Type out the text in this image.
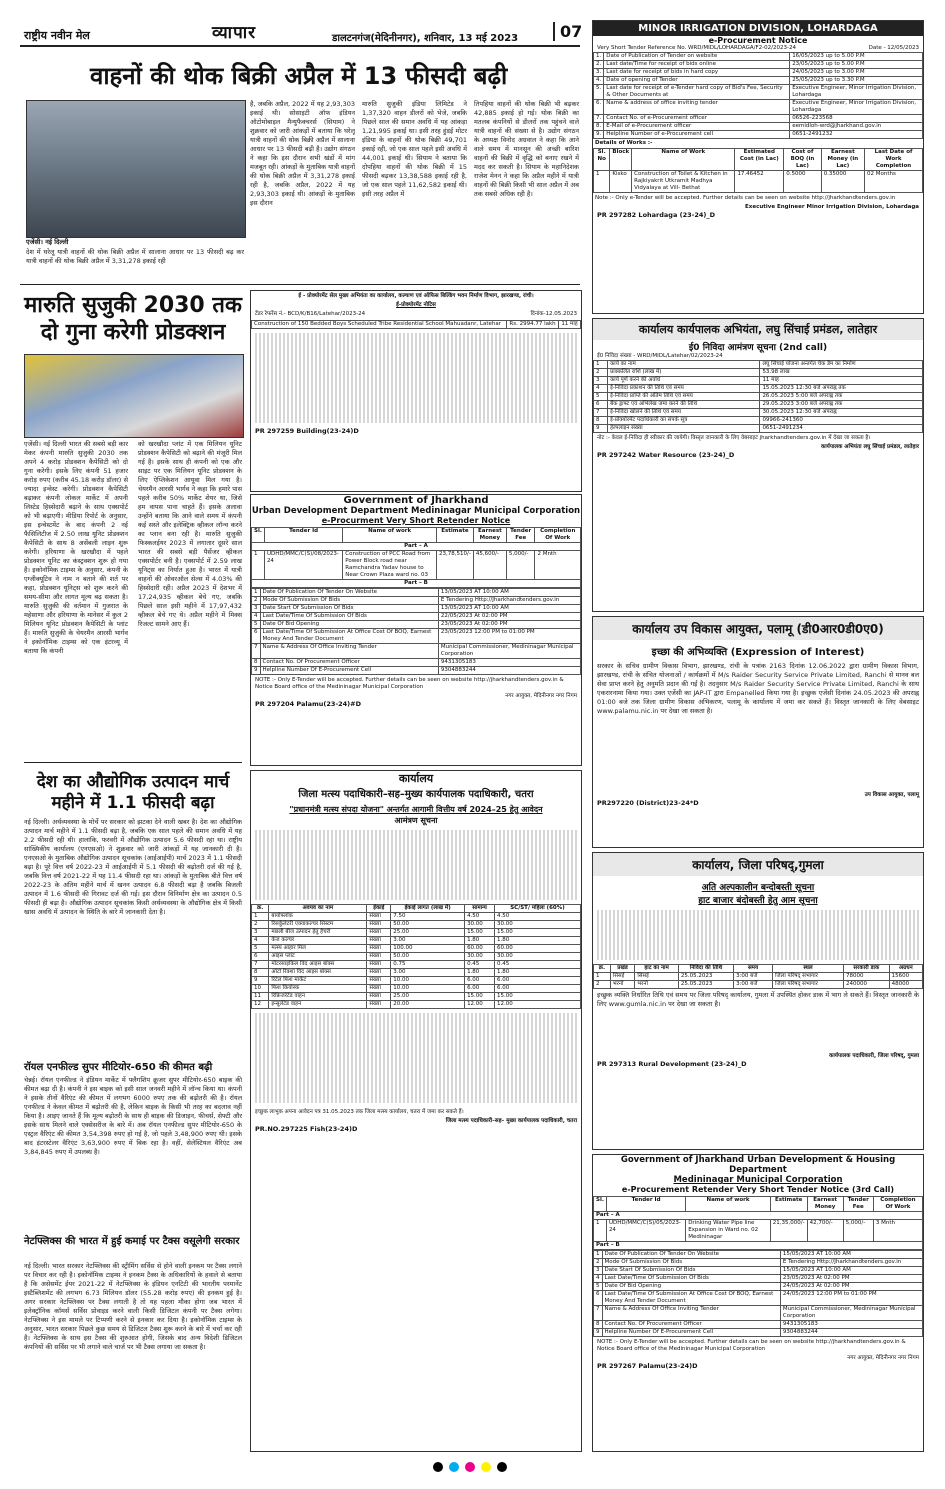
राष्ट्रीय नवीन मेल	व्यापार	डालटनगंज(मेदिनीनगर), शनिवार, 13 मई 2023	07
वाहनों की थोक बिक्री अप्रैल में 13 फीसदी बढ़ी
एजेंसी। नई दिल्ली
देश में घरेलू यात्री वाहनों की थोक बिक्री अप्रैल में सालाना आधार पर 13 फीसदी बढ़ कर यात्री वाहनों की थोक बिक्री अप्रैल में 3,31,278 इकाई रही
है, जबकि अप्रैल, 2022 में यह 2,93,303 इकाई थी। सोसाइटी ऑफ इंडियन ऑटोमोबाइल मैन्युफैक्चरर्स (सियाम) ने शुक्रवार को जारी आंकड़ों में बताया कि घरेलू यात्री वाहनों की थोक बिक्री अप्रैल में सालाना आधार पर 13 फीसदी बढ़ी है। उद्योग संगठन ने कहा कि इस दौरान सभी खंडों में मांग मजबूत रही। आंकड़ों के मुताबिक यात्री वाहनों की थोक बिक्री अप्रैल में 3,31,278 इकाई रही है, जबकि अप्रैल, 2022 में यह 2,93,303 इकाई थी। आंकड़ों के मुताबिक इस दौरान
मारुति सुजुकी इंडिया लिमिटेड ने 1,37,320 वाहन डीलरों को भेजे, जबकि पिछले साल की समान अवधि में यह आंकड़ा 1,21,995 इकाई था। इसी तरह हुंडई मोटर इंडिया के वाहनों की थोक बिक्री 49,701 इकाई रही, जो एक साल पहले इसी अवधि में 44,001 इकाई थी। सियाम ने बताया कि दोपहिया वाहनों की थोक बिक्री में 15 फीसदी बढ़कर 13,38,588 इकाई रही है, जो एक साल पहले 11,62,582 इकाई थी। इसी तरह अप्रैल में
तिपहिया वाहनों की थोक बिक्री भी बढ़कर 42,885 इकाई हो गई। थोक बिक्री का मतलब कंपनियों से डीलरों तक पहुंचने वाले यात्री वाहनों की संख्या से है। उद्योग संगठन के अध्यक्ष विनोद अग्रवाल ने कहा कि आने वाले समय में मानसून की अच्छी बारिश वाहनों की बिक्री में वृद्धि को बनाए रखने में मदद कर सकती है। सियाम के महानिदेशक राजेश मेनन ने कहा कि अप्रैल महीने में यात्री वाहनों की बिक्री किसी भी साल अप्रैल में अब तक सबसे अधिक रही है।
मारुति सुजुकी 2030 तक दो गुना करेगी प्रोडक्शन
एजेंसी। नई दिल्ली भारत की सबसे बड़ी कार मेकर कंपनी मारुति सुजुकी 2030 तक अपने 4 करोड़ प्रोडक्शन कैपेसिटी को दो गुना करेगी। इसके लिए कंपनी 51 हजार करोड़ रुपए (करीब 45.18 करोड़ डॉलर) से ज्यादा इन्वेस्ट करेगी। प्रोडक्शन कैपेसिटी बढ़ाकर कंपनी लोकल मार्केट में अपनी लिस्टेड हिस्सेदारी बढ़ाने के साथ एक्सपोर्ट को भी बढ़ाएगी। मीडिया रिपोर्ट के अनुसार, इस इन्वेस्टमेंट के बाद कंपनी 2 नई फैसिलिटीज में 2.50 लाख यूनिट प्रोडक्शन कैपेसिटी के साथ 8 असेंबली लाइन शुरू करेगी। हरियाणा के खरखौदा में पहले प्रोडक्शन यूनिट का कंस्ट्रक्शन शुरू हो गया है। इकोनॉमिक टाइम्स के अनुसार, कंपनी के एग्जीक्यूटिव ने नाम न बताने की शर्त पर कहा, प्रोडक्शन यूनिट्स को शुरू करने की समय-सीमा और लागत मूल्य बढ़ सकता है। मारुति सुजुकी की वर्तमान में गुजरात के महेसाणा और हरियाणा के मानेसर में कुल 2 मिलियन यूनिट प्रोडक्शन कैपेसिटी के प्लांट हैं। मारुति सुजुकी के चेयरमैन आरसी भार्गव ने इकोनॉमिक टाइम्स को एक इंटरव्यू में बताया कि कंपनी
को खरखौदा प्लांट में एक मिलियन यूनिट प्रोडक्शन कैपेसिटी को बढ़ाने की मंजूरी मिल गई है। इसके साथ ही कंपनी को एक और साइट पर एक मिलियन यूनिट प्रोडक्शन के लिए ऐप्लिकेशन आयूवा मिल गया है। चेयरमैन आरसी भार्गव ने कहा कि हमारे पास पहले करीब 50% मार्केट शेयर था, जिसे हम वापस पाना चाहते हैं। इसके अलावा उन्होंने बताया कि आने वाले समय में कंपनी कई सस्ते और इलेक्ट्रिक व्हीकल लॉन्च करने का प्लान बना रही है। मारुति सुजुकी फिस्कलईयर 2023 में लगातार दूसरे साल भारत की सबसे बड़ी पैसेंजर व्हीकल एक्सपोर्टर बनी है। एक्सपोर्ट में 2.59 लाख यूनिट्स का निर्यात हुआ है। भारत में यात्री वाहनों की ओवरऑल सेल्स में 4.03% की हिस्सेदारी रही। अप्रैल 2023 में देशभर में 17,24,935 व्हीकल बेचे गए, जबकि पिछले साल इसी महीने में 17,97,432 व्हीकल बेचे गए थे। अप्रैल महीने में मिक्स रिजल्ट सामने आए हैं।
देश का औद्योगिक उत्पादन मार्च महीने में 1.1 फीसदी बढ़ा
नई दिल्ली। अर्थव्यवस्था के मोर्चे पर सरकार को झटका देने वाली खबर है। देश का औद्योगिक उत्पादन मार्च महीने में 1.1 फीसदी बढ़ा है, जबकि एक साल पहले की समान अवधि में यह 2.2 फीसदी रही थी। हालांकि, फरवरी में औद्योगिक उत्पादन 5.6 फीसदी रहा था। राष्ट्रीय सांख्यिकीय कार्यालय (एनएसओ) ने शुक्रवार को जारी आंकड़ों में यह जानकारी दी है। एनएसओ के मुताबिक औद्योगिक उत्पादन सूचकांक (आईआईपी) मार्च 2023 में 1.1 फीसदी बढ़ा है। पूरे वित्त वर्ष 2022-23 में आईआईपी में 5.1 फीसदी की बढ़ोतरी दर्ज की गई है, जबकि वित्त वर्ष 2021-22 में यह 11.4 फीसदी रहा था। आंकड़ों के मुताबिक बीते वित्त वर्ष 2022-23 के अंतिम महीने मार्च में खनन उत्पादन 6.8 फीसदी बढ़ा है जबकि बिजली उत्पादन में 1.6 फीसदी की गिरावट दर्ज की गई। इस दौरान विनिर्माण क्षेत्र का उत्पादन 0.5 फीसदी ही बढ़ा है। औद्योगिक उत्पादन सूचकांक किसी अर्थव्यवस्था के औद्योगिक क्षेत्र में किसी खास अवधि में उत्पादन के स्थिति के बारे में जानकारी देता है।
रॉयल एनफील्ड सुपर मीटियोर-650 की कीमत बढ़ी
चेन्नई। रॉयल एनफील्ड ने इंडियन मार्केट में फ्लैगशिप क्रूजर सुपर मीटियोर-650 बाइक की कीमत बढ़ा दी है। कंपनी ने इस बाइक को इसी साल जनवरी महीने में लॉन्च किया था। कंपनी ने इसके तीनों वैरिएंट की कीमत में लगभग 6000 रुपए तक की बढ़ोतरी की है। रॉयल एनफील्ड ने केवल कीमत में बढ़ोतरी की है, लेकिन बाइक के किसी भी तरह का बदलाव नहीं किया है। आइए जानते हैं कि मूल्य बढ़ोतरी के साथ ही बाइक की डिजाइन, फीचर्स, सेफ्टी और इसके साथ मिलने वाले एक्सेसरीज के बारे में। अब रॉयल एनफील्ड सुपर मीटियोर-650 के एस्ट्रल वैरिएंट की कीमत 3,54,398 रुपए हो गई है, जो पहले 3,48,900 रुपए थी। इसके बाद इंटरस्टेलर वैरिएंट 3,63,900 रुपए में बिक रहा है। वहीं, सेलेस्टियल वैरिएंट अब 3,84,845 रुपए में उपलब्ध है।
नेटफ्लिक्स की भारत में हुई कमाई पर टैक्स वसूलेगी सरकार
नई दिल्ली। भारत सरकार नेटफ्लिक्स की स्ट्रीमिंग सर्विस से होने वाली इनकम पर टैक्स लगाने पर विचार कर रही है। इकोनॉमिक टाइम्स ने इनकम टैक्स के अधिकारियों के हवाले से बताया है कि असेसमेंट ईयर 2021-22 में नेटफ्लिक्स के इंडियन एनटिटी की भारतीय परमानेंट इस्टैब्लिशमेंट की लगभग 6.73 मिलियन डॉलर (55.28 करोड़ रुपए) की इनकम हुई है। अगर सरकार नेटफ्लिक्स पर टैक्स लगाती है तो यह पहला मौका होगा जब भारत में इलेक्ट्रॉनिक कॉमर्स सर्विस प्रोवाइड करने वाली किसी डिजिटल कंपनी पर टैक्स लगेगा। नेटफ्लिक्स ने इस मामले पर टिप्पणी करने से इनकार कर दिया है। इकोनॉमिक टाइम्स के अनुसार, भारत सरकार पिछले कुछ समय से डिजिटल टैक्स शुरू करने के बारे में चर्चा कर रही है। नेटफ्लिक्स के साथ इस टैक्स की शुरुआत होगी, जिसके बाद अन्य विदेशी डिजिटल कंपनियों की सर्विस पर भी लगाने वाले चार्ज पर भी टैक्स लगाया जा सकता है।
ई - प्रोक्योरमेंट सेल मुख्य अभियंता का कार्यालय, कल्याण एवं ऑफिस बिल्डिंग भवन निर्माण विभाग, झारखण्ड, रांची।
ई-प्रोक्योरमेंट नोटिस
टेंडर रेफरेंस नं.- BCD/K/B16/Latehar/2023-24	दिनांक-12.05.2023
Construction of 150 Bedded Boys Scheduled Tribe Residential School Mahuadanr, Latehar	Rs. 2994.77 lakh	11 माह
PR 297259 Building(23-24)D
Government of Jharkhand
Urban Development Department Medininagar Municipal Corporation
e-Procurment Very Short Retender Notice
Sl.	Tender Id	Name of work	Estimate	Earnest Money	Tender Fee	Completion Of Work
Part – A						
1	UDHD/MMC/C(S)/08/2023-24	Construction of PCC Road from Power Block road near Ramchandra Yadav house to Near Crown Plaza ward no. 03	23,78,510/-	45,600/-	5,000/-	2 Mnth
Part – B						
1	Date Of Publication Of Tender On Website	13/05/2023 AT 10:00 AM
2	Mode Of Submission Of Bids	E Tendering Http://Jharkhandtenders.gov.in
3	Date Start Of Submission Of Bids	13/05/2023 AT 10:00 AM
4	Last Date/Time Of Submission Of Bids	22/05/2023 At 02:00 PM
5	Date Of Bid Opening	23/05/2023 At 02:00 PM
6	Last Date/Time Of Submission At Office Cost Of BOQ, Earnest Money And Tender Document	23/05/2023 12:00 PM to 01:00 PM
7	Name & Address Of Office Inviting Tender	Municipal Commissioner, Medininagar Municipal Corporation
8	Contact No. Of Procurement Officer	9431305183
9	Helpline Number Of E-Procurement Cell	9304883244
NOTE :- Only E-Tender will be accepted. Further details can be seen on website http://jharkhandtenders.gov.in & Notice Board office of the Medininagar Municipal Corporation
नगर आयुक्त, मेदिनीनगर नगर निगम
PR 297204 Palamu(23-24)#D
कार्यालय
जिला मत्स्य पदाधिकारी–सह–मुख्य कार्यपालक पदाधिकारी, चतरा
"प्रधानमंत्री मत्स्य संपदा योजना" अन्तर्गत आगामी वित्तीय वर्ष 2024–25 हेतु आवेदन
आमंत्रण सूचना
क्र.	अवयव का नाम	ईकाई	ईकाई लागत (लाख में)	सामान्य	SC/ST/ महिला (60%)
1	बायोफ्लॉक	संख्या	7.50	4.50	4.50
2	रिसर्कुलेटरी एक्वाकल्चर सिस्टम	संख्या	50.00	30.00	30.00
3	मछली बीज उत्पादन हेतु हैचरी	संख्या	25.00	15.00	15.00
4	केज कल्चर	संख्या	3.00	1.80	1.80
5	मत्स्य आहार मिल	संख्या	100.00	60.00	60.00
6	आइस प्लांट	संख्या	50.00	30.00	30.00
7	मोटरसाइकिल विद आइस बॉक्स	संख्या	0.75	0.45	0.45
8	ऑटो रिक्शा विद आइस बॉक्स	संख्या	3.00	1.80	1.80
9	रिटेल फिश मार्केट	संख्या	10.00	6.00	6.00
10	फिश कियोस्क	संख्या	10.00	6.00	6.00
11	रिफ्रिजरेटेड वाहन	संख्या	25.00	15.00	15.00
12	इन्सुलेटेड वाहन	संख्या	20.00	12.00	12.00
इच्छुक लाभुक अपना आवेदन पत्र 31.05.2023 तक जिला मत्स्य कार्यालय, चतरा में जमा कर सकते हैं।
जिला मत्स्य पदाधिकारी–सह– मुख्य कार्यपालक पदाधिकारी, चतरा
PR.NO.297225 Fish(23-24)D
MINOR IRRIGATION DIVISION, LOHARDAGA
e-Procurement Notice
Very Short Tender Reference No. WRD/MIDL/LOHARDAGA/F2-02/2023-24	Date - 12/05/2023
1.	Date of Publication of Tender on website	16/05/2023 up to 5.00 P.M
2.	Last date/Time for receipt of bids online	23/05/2023 up to 5.00 P.M
3.	Last date for receipt of bids in hard copy	24/05/2023 up to 3.00 P.M
4.	Date of opening of Tender	25/05/2023 up to 3.30 P.M
5.	Last date for receipt of e-Tender hard copy of Bid's Fee, Security & Other Documents at	Executive Engineer, Minor Irrigation Division, Lohardaga
6.	Name & address of office inviting tender	Executive Engineer, Minor Irrigation Division, Lohardaga
7.	Contact No. of e-Procurement officer	06526-223568
8.	E-Mail of e-Procurement officer	eemidloh-wrd@jharkhand.gov.in
9.	Helpline Number of e-Procurement cell	0651-2491232
Details of Works :-
Sl. No	Block	Name of Work	Estimated Cost (in Lac)	Cost of BOQ (in Lac)	Earnest Money (in Lac)	Last Date of Work Completion
1	Kisko	Construction of Toilet & Kitchen in Rajkiyakrit Utkramit Madhya Vidyalaya at Vill- Bethat	17.46452	0.5000	0.35000	02 Months
Note :- Only e-Tender will be accepted. Further details can be seen on website http://jharkhandtenders.gov.in
Executive Engineer Minor Irrigation Division, Lohardaga
PR 297282 Lohardaga (23-24)_D
कार्यालय कार्यपालक अभियंता, लघु सिंचाई प्रमंडल, लातेहार
ई0 निविदा आमंत्रण सूचना (2nd call)
ई0 निविदा संख्या - WRD/MIDL/Latehar/02/2023-24
1	कार्य का नाम	लघु सिंचाई योजना अन्तर्गत चेक डैम का निर्माण
2	प्राक्कलित राशि (लाख में)	53.98 लाख
3	कार्य पूर्ण करने की अवधि	11 माह
4	ई-निविदा प्रकाशन की तिथि एवं समय	15.05.2023 12:30 बजे अपराह्न तक
5	ई-निविदा प्राप्ति की अंतिम तिथि एवं समय	26.05.2023 5:00 बजे अपराह्न तक
6	बैंक ड्राफ्ट एवं अभिलेख जमा करने की तिथि	29.05.2023 3:00 बजे अपराह्न तक
7	ई-निविदा खोलने की तिथि एवं समय	30.05.2023 12:30 बजे अपराह्न
8	ई-प्रोक्योरमेंट पदाधिकारी का संपर्क सूत्र	09966-241360
9	हेल्पलाइन संख्या	0651-2491234
नोट :- केवल ई-निविदा ही स्वीकार की जायेगी। विस्तृत जानकारी के लिए वेबसाइट jharkhandtenders.gov.in में देखा जा सकता है।
कार्यपालक अभियंता लघु सिंचाई प्रमंडल, लातेहार
PR 297242 Water Resource (23-24)_D
कार्यालय उप विकास आयुक्त, पलामू (डी0आर0डी0ए0)
इच्छा की अभिव्यक्ति (Expression of Interest)
सरकार के सचिव ग्रामीण विकास विभाग, झारखण्ड, रांची के पत्रांक 2163 दिनांक 12.06.2022 द्वारा ग्रामीण विकास विभाग, झारखण्ड, रांची के संचित योजनाओं / कार्यक्रमों में M/s Raider Security Service Private Limited, Ranchi से मानव बल सेवा प्राप्त करने हेतु अनुमति प्रदान की गई है। तदनुसार M/s Raider Security Service Private Limited, Ranchi के साथ एकरारनामा किया गया। उक्त एजेंसी का JAP-IT द्वारा Empanelled किया गया है। इच्छुक एजेंसी दिनांक 24.05.2023 की अपराह्न 01:00 बजे तक जिला ग्रामीण विकास अभिकरण, पलामू के कार्यालय में जमा कर सकते हैं। विस्तृत जानकारी के लिए वेबसाइट www.palamu.nic.in पर देखा जा सकता है।
उप विकास आयुक्त, पलामू
PR297220 (District)23-24*D
कार्यालय, जिला परिषद्,गुमला
अति अल्पकालीन बन्दोबस्ती सूचना
हाट बाजार बंदोबस्ती हेतु आम सूचना
क्र.	प्रखंड	हाट का नाम	निविदा की तिथि	समय	स्थल	सरकारी डाक	अग्रधन
1	सिसई	सिसई	25.05.2023	3:00 बजे	जिला परिषद् सभागार	78000	15600
2	भरनो	भरनो	25.05.2023	3:00 बजे	जिला परिषद् सभागार	240000	48000
इच्छुक व्यक्ति निर्धारित तिथि एवं समय पर जिला परिषद् कार्यालय, गुमला में उपस्थित होकर डाक में भाग ले सकते हैं। विस्तृत जानकारी के लिए www.gumla.nic.in पर देखा जा सकता है।
कार्यपालक पदाधिकारी, जिला परिषद्, गुमला
PR 297313 Rural Development (23-24)_D
Government of Jharkhand Urban Development & Housing Department
Medininagar Municipal Corporation
e-Procurement Retender Very Short Tender Notice (3rd Call)
Sl.	Tender Id	Name of work	Estimate	Earnest Money	Tender Fee	Completion Of Work
Part – A						
1	UDHD/MMC/C(S)/05/2023-24	Drinking Water Pipe line Expansion in Ward no. 02 Medininagar	21,35,000/-	42,700/-	5,000/-	3 Mnth
Part – B						
1	Date Of Publication Of Tender On Website	15/05/2023 AT 10:00 AM
2	Mode Of Submission Of Bids	E Tendering Http://Jharkhandtenders.gov.in
3	Date Start Of Submission Of Bids	15/05/2023 AT 10:00 AM
4	Last Date/Time Of Submission Of Bids	23/05/2023 At 02:00 PM
5	Date Of Bid Opening	24/05/2023 At 02:00 PM
6	Last Date/Time Of Submission At Office Cost Of BOQ, Earnest Money And Tender Document	24/05/2023 12:00 PM to 01:00 PM
7	Name & Address Of Office Inviting Tender	Municipal Commissioner, Medininagar Municipal Corporation
8	Contact No. Of Procurement Officer	9431305183
9	Helpline Number Of E-Procurement Cell	9304883244
NOTE :- Only E-Tender will be accepted. Further details can be seen on website http://jharkhandtenders.gov.in & Notice Board office of the Medininagar Municipal Corporation
नगर आयुक्त, मेदिनीनगर नगर निगम
PR 297267 Palamu(23-24)D
